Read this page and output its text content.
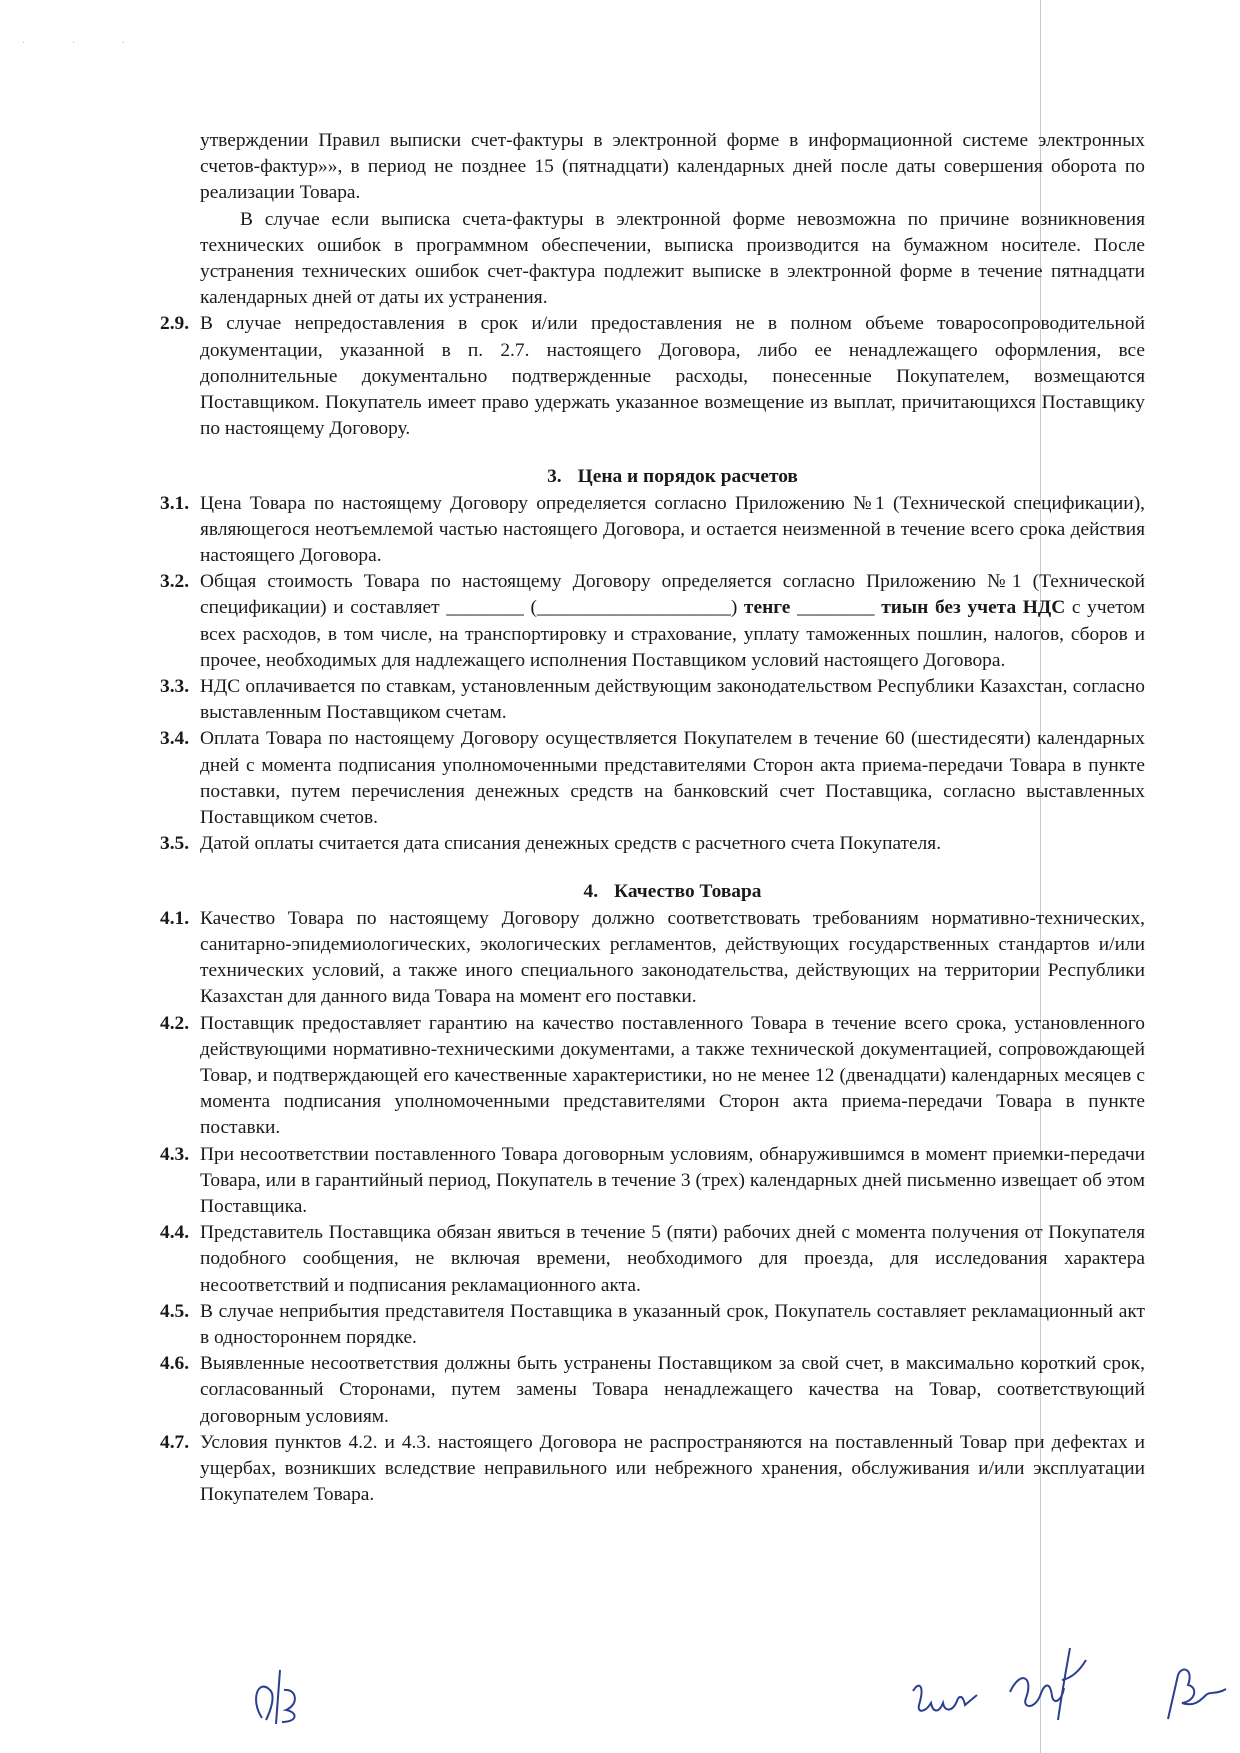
· · ·

утверждении Правил выписки счет-фактуры в электронной форме в информационной системе электронных счетов-фактур»», в период не позднее 15 (пятнадцати) календарных дней после даты совершения оборота по реализации Товара.

В случае если выписка счета-фактуры в электронной форме невозможна по причине возникновения технических ошибок в программном обеспечении, выписка производится на бумажном носителе. После устранения технических ошибок счет-фактура подлежит выписке в электронной форме в течение пятнадцати календарных дней от даты их устранения.

2.9. В случае непредоставления в срок и/или предоставления не в полном объеме товаросопроводительной документации, указанной в п. 2.7. настоящего Договора, либо ее ненадлежащего оформления, все дополнительные документально подтвержденные расходы, понесенные Покупателем, возмещаются Поставщиком. Покупатель имеет право удержать указанное возмещение из выплат, причитающихся Поставщику по настоящему Договору.

3. Цена и порядок расчетов

3.1. Цена Товара по настоящему Договору определяется согласно Приложению №1 (Технической спецификации), являющегося неотъемлемой частью настоящего Договора, и остается неизменной в течение всего срока действия настоящего Договора.
3.2. Общая стоимость Товара по настоящему Договору определяется согласно Приложению №1 (Технической спецификации) и составляет ________ (____________________) тенге ________ тиын без учета НДС с учетом всех расходов, в том числе, на транспортировку и страхование, уплату таможенных пошлин, налогов, сборов и прочее, необходимых для надлежащего исполнения Поставщиком условий настоящего Договора.
3.3. НДС оплачивается по ставкам, установленным действующим законодательством Республики Казахстан, согласно выставленным Поставщиком счетам.
3.4. Оплата Товара по настоящему Договору осуществляется Покупателем в течение 60 (шестидесяти) календарных дней с момента подписания уполномоченными представителями Сторон акта приема-передачи Товара в пункте поставки, путем перечисления денежных средств на банковский счет Поставщика, согласно выставленных Поставщиком счетов.
3.5. Датой оплаты считается дата списания денежных средств с расчетного счета Покупателя.

4. Качество Товара

4.1. Качество Товара по настоящему Договору должно соответствовать требованиям нормативно-технических, санитарно-эпидемиологических, экологических регламентов, действующих государственных стандартов и/или технических условий, а также иного специального законодательства, действующих на территории Республики Казахстан для данного вида Товара на момент его поставки.
4.2. Поставщик предоставляет гарантию на качество поставленного Товара в течение всего срока, установленного действующими нормативно-техническими документами, а также технической документацией, сопровождающей Товар, и подтверждающей его качественные характеристики, но не менее 12 (двенадцати) календарных месяцев с момента подписания уполномоченными представителями Сторон акта приема-передачи Товара в пункте поставки.
4.3. При несоответствии поставленного Товара договорным условиям, обнаружившимся в момент приемки-передачи Товара, или в гарантийный период, Покупатель в течение 3 (трех) календарных дней письменно извещает об этом Поставщика.
4.4. Представитель Поставщика обязан явиться в течение 5 (пяти) рабочих дней с момента получения от Покупателя подобного сообщения, не включая времени, необходимого для проезда, для исследования характера несоответствий и подписания рекламационного акта.
4.5. В случае неприбытия представителя Поставщика в указанный срок, Покупатель составляет рекламационный акт в одностороннем порядке.
4.6. Выявленные несоответствия должны быть устранены Поставщиком за свой счет, в максимально короткий срок, согласованный Сторонами, путем замены Товара ненадлежащего качества на Товар, соответствующий договорным условиям.
4.7. Условия пунктов 4.2. и 4.3. настоящего Договора не распространяются на поставленный Товар при дефектах и ущербах, возникших вследствие неправильного или небрежного хранения, обслуживания и/или эксплуатации Покупателем Товара.
